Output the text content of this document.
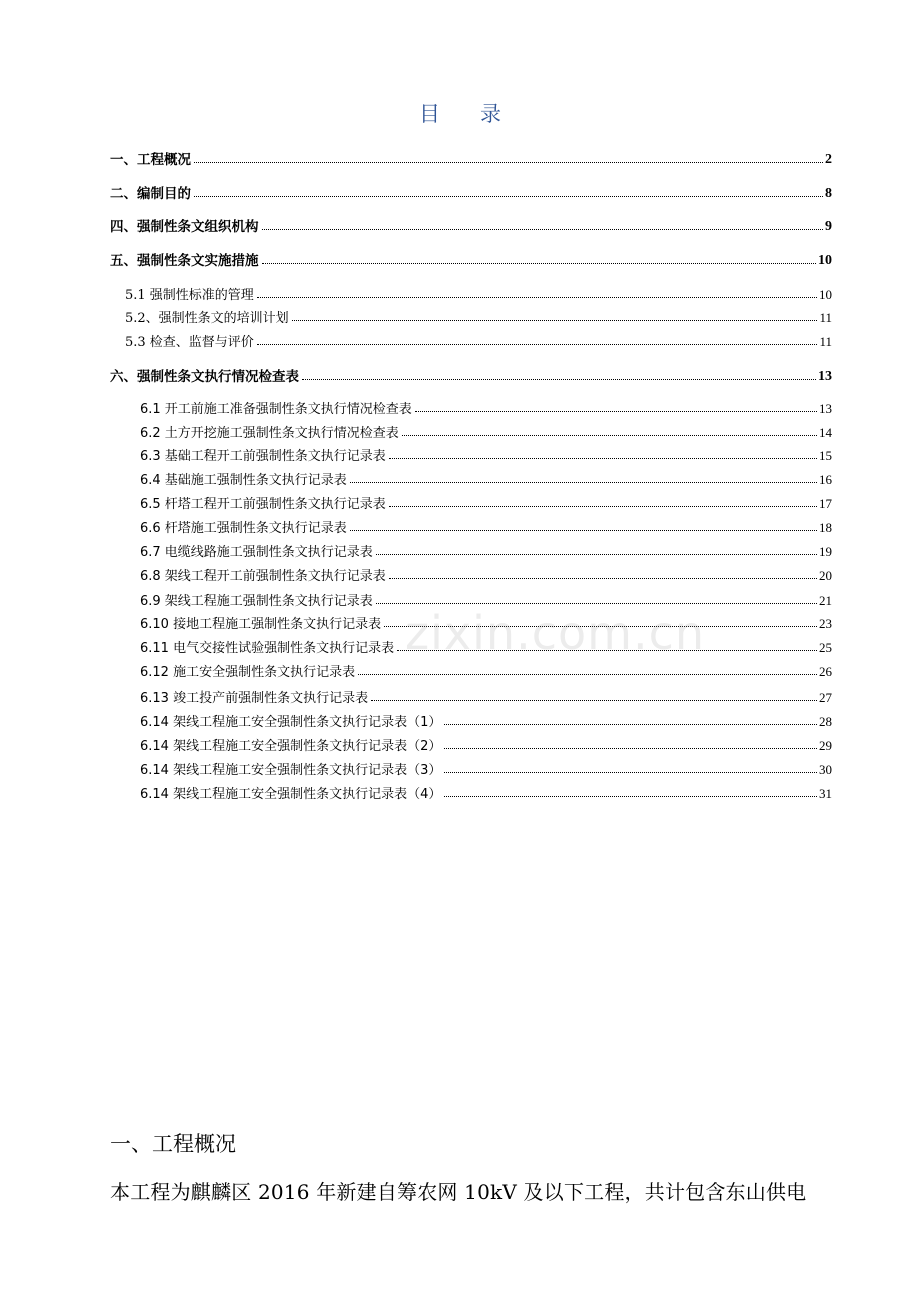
目 录
一、工程概况	2
二、编制目的	8
四、强制性条文组织机构	9
五、强制性条文实施措施	10
5.1 强制性标准的管理	10
5.2、强制性条文的培训计划	11
5.3 检查、监督与评价	11
六、强制性条文执行情况检查表	13
6.1 开工前施工准备强制性条文执行情况检查表	13
6.2 土方开挖施工强制性条文执行情况检查表	14
6.3 基础工程开工前强制性条文执行记录表	15
6.4 基础施工强制性条文执行记录表	16
6.5 杆塔工程开工前强制性条文执行记录表	17
6.6 杆塔施工强制性条文执行记录表	18
6.7 电缆线路施工强制性条文执行记录表	19
6.8 架线工程开工前强制性条文执行记录表	20
6.9 架线工程施工强制性条文执行记录表	21
6.10 接地工程施工强制性条文执行记录表	23
6.11 电气交接性试验强制性条文执行记录表	25
6.12 施工安全强制性条文执行记录表	26
6.13 竣工投产前强制性条文执行记录表	27
6.14 架线工程施工安全强制性条文执行记录表（1）	28
6.14 架线工程施工安全强制性条文执行记录表（2）	29
6.14 架线工程施工安全强制性条文执行记录表（3）	30
6.14 架线工程施工安全强制性条文执行记录表（4）	31
zixin.com.cn
一、工程概况
本工程为麒麟区 2016 年新建自筹农网 10kV 及以下工程，共计包含东山供电
